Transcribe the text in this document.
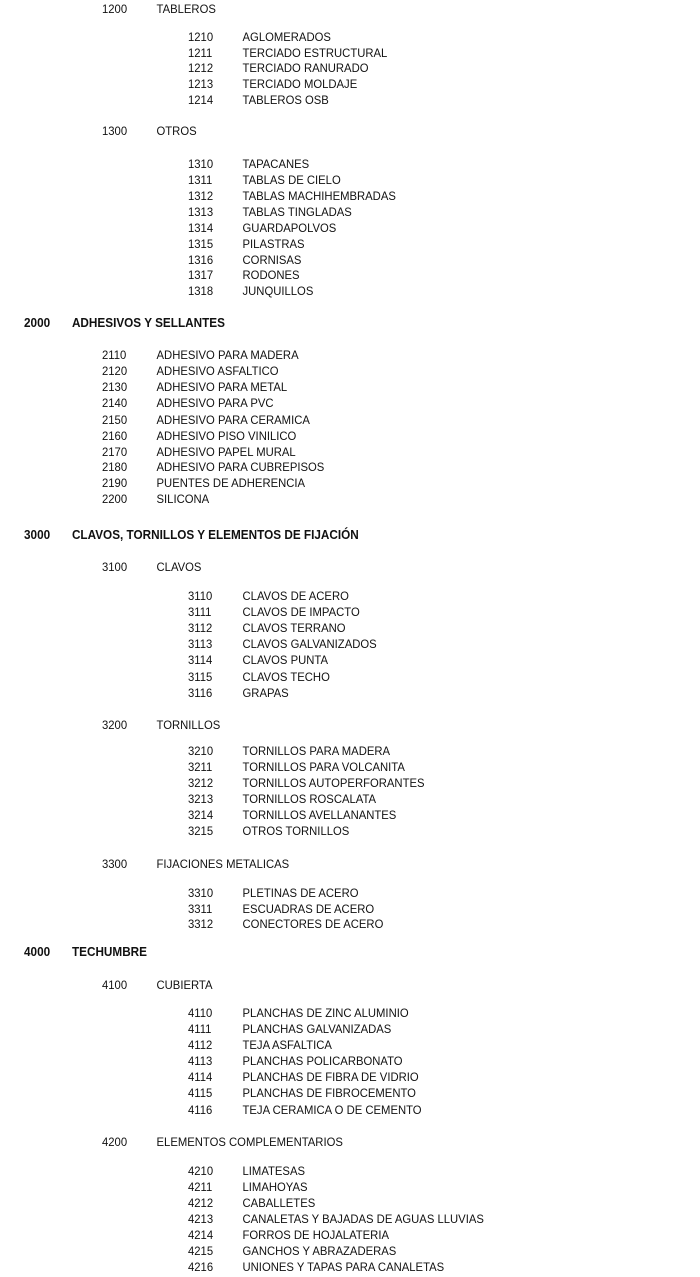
1200 TABLEROS
1210 AGLOMERADOS
1211	TERCIADO ESTRUCTURAL
1212 TERCIADO RANURADO
1213 TERCIADO MOLDAJE
1214 TABLEROS OSB
1300 OTROS
1310 TAPACANES
1311	TABLAS DE CIELO
1312 TABLAS MACHIHEMBRADAS
1313 TABLAS TINGLADAS
1314 GUARDAPOLVOS
1315 PILASTRAS
1316 CORNISAS
1317 RODONES
1318 JUNQUILLOS
2000 ADHESIVOS Y SELLANTES
2110	ADHESIVO PARA MADERA
2120 ADHESIVO ASFALTICO
2130 ADHESIVO PARA METAL
2140 ADHESIVO PARA PVC
2150 ADHESIVO PARA CERAMICA
2160 ADHESIVO PISO VINILICO
2170 ADHESIVO PAPEL MURAL
2180 ADHESIVO PARA CUBREPISOS
2190 PUENTES DE ADHERENCIA
2200 SILICONA
3000 CLAVOS, TORNILLOS Y ELEMENTOS DE FIJACIÓN
3100 CLAVOS
3110	CLAVOS DE ACERO
3111	CLAVOS DE IMPACTO
3112	CLAVOS TERRANO
3113	CLAVOS GALVANIZADOS
3114	CLAVOS PUNTA
3115	CLAVOS TECHO
3116	GRAPAS
3200 TORNILLOS
3210 TORNILLOS PARA MADERA
3211	TORNILLOS PARA VOLCANITA
3212 TORNILLOS AUTOPERFORANTES
3213 TORNILLOS ROSCALATA
3214 TORNILLOS AVELLANANTES
3215 OTROS TORNILLOS
3300 FIJACIONES METALICAS
3310 PLETINAS DE ACERO
3311	ESCUADRAS DE ACERO
3312 CONECTORES DE ACERO
4000 TECHUMBRE
4100 CUBIERTA
4110	PLANCHAS DE ZINC ALUMINIO
4111	PLANCHAS GALVANIZADAS
4112	TEJA ASFALTICA
4113	PLANCHAS POLICARBONATO
4114	PLANCHAS DE FIBRA DE VIDRIO
4115	PLANCHAS DE FIBROCEMENTO
4116	TEJA CERAMICA O DE CEMENTO
4200 ELEMENTOS COMPLEMENTARIOS
4210 LIMATESAS
4211	LIMAHOYAS
4212 CABALLETES
4213 CANALETAS Y BAJADAS DE AGUAS LLUVIAS
4214 FORROS DE HOJALATERIA
4215 GANCHOS Y ABRAZADERAS
4216 UNIONES Y TAPAS PARA CANALETAS
